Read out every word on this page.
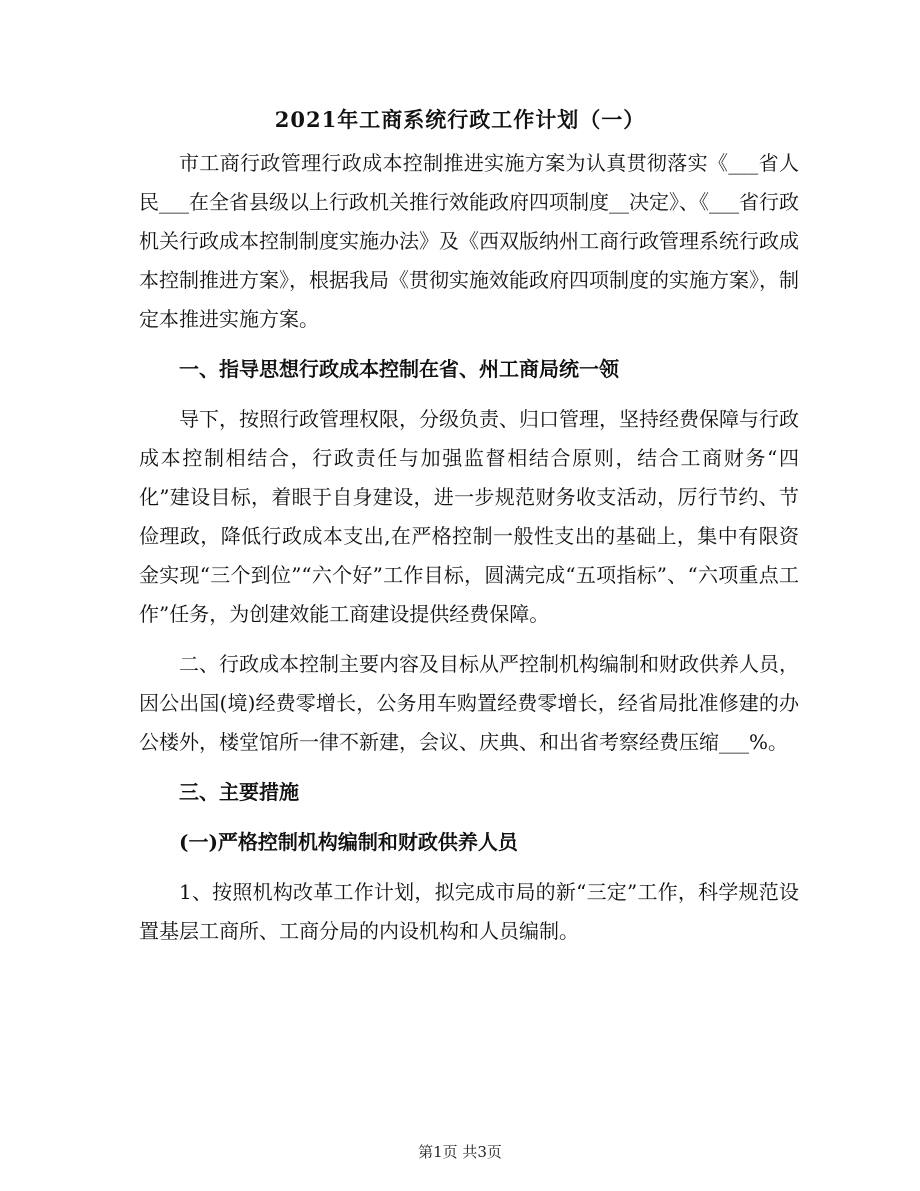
2021年工商系统行政工作计划（一）

市工商行政管理行政成本控制推进实施方案为认真贯彻落实《___省人民___在全省县级以上行政机关推行效能政府四项制度__决定》、《___省行政机关行政成本控制制度实施办法》及《西双版纳州工商行政管理系统行政成本控制推进方案》，根据我局《贯彻实施效能政府四项制度的实施方案》，制定本推进实施方案。

一、指导思想行政成本控制在省、州工商局统一领

导下，按照行政管理权限，分级负责、归口管理，坚持经费保障与行政成本控制相结合，行政责任与加强监督相结合原则，结合工商财务“四化”建设目标，着眼于自身建设，进一步规范财务收支活动，厉行节约、节俭理政，降低行政成本支出,在严格控制一般性支出的基础上，集中有限资金实现“三个到位”“六个好”工作目标，圆满完成“五项指标”、“六项重点工作”任务，为创建效能工商建设提供经费保障。

二、行政成本控制主要内容及目标从严控制机构编制和财政供养人员，因公出国(境)经费零增长，公务用车购置经费零增长，经省局批准修建的办公楼外，楼堂馆所一律不新建，会议、庆典、和出省考察经费压缩___%。

三、主要措施

(一)严格控制机构编制和财政供养人员

1、按照机构改革工作计划，拟完成市局的新“三定”工作，科学规范设置基层工商所、工商分局的内设机构和人员编制。

第1页 共3页
